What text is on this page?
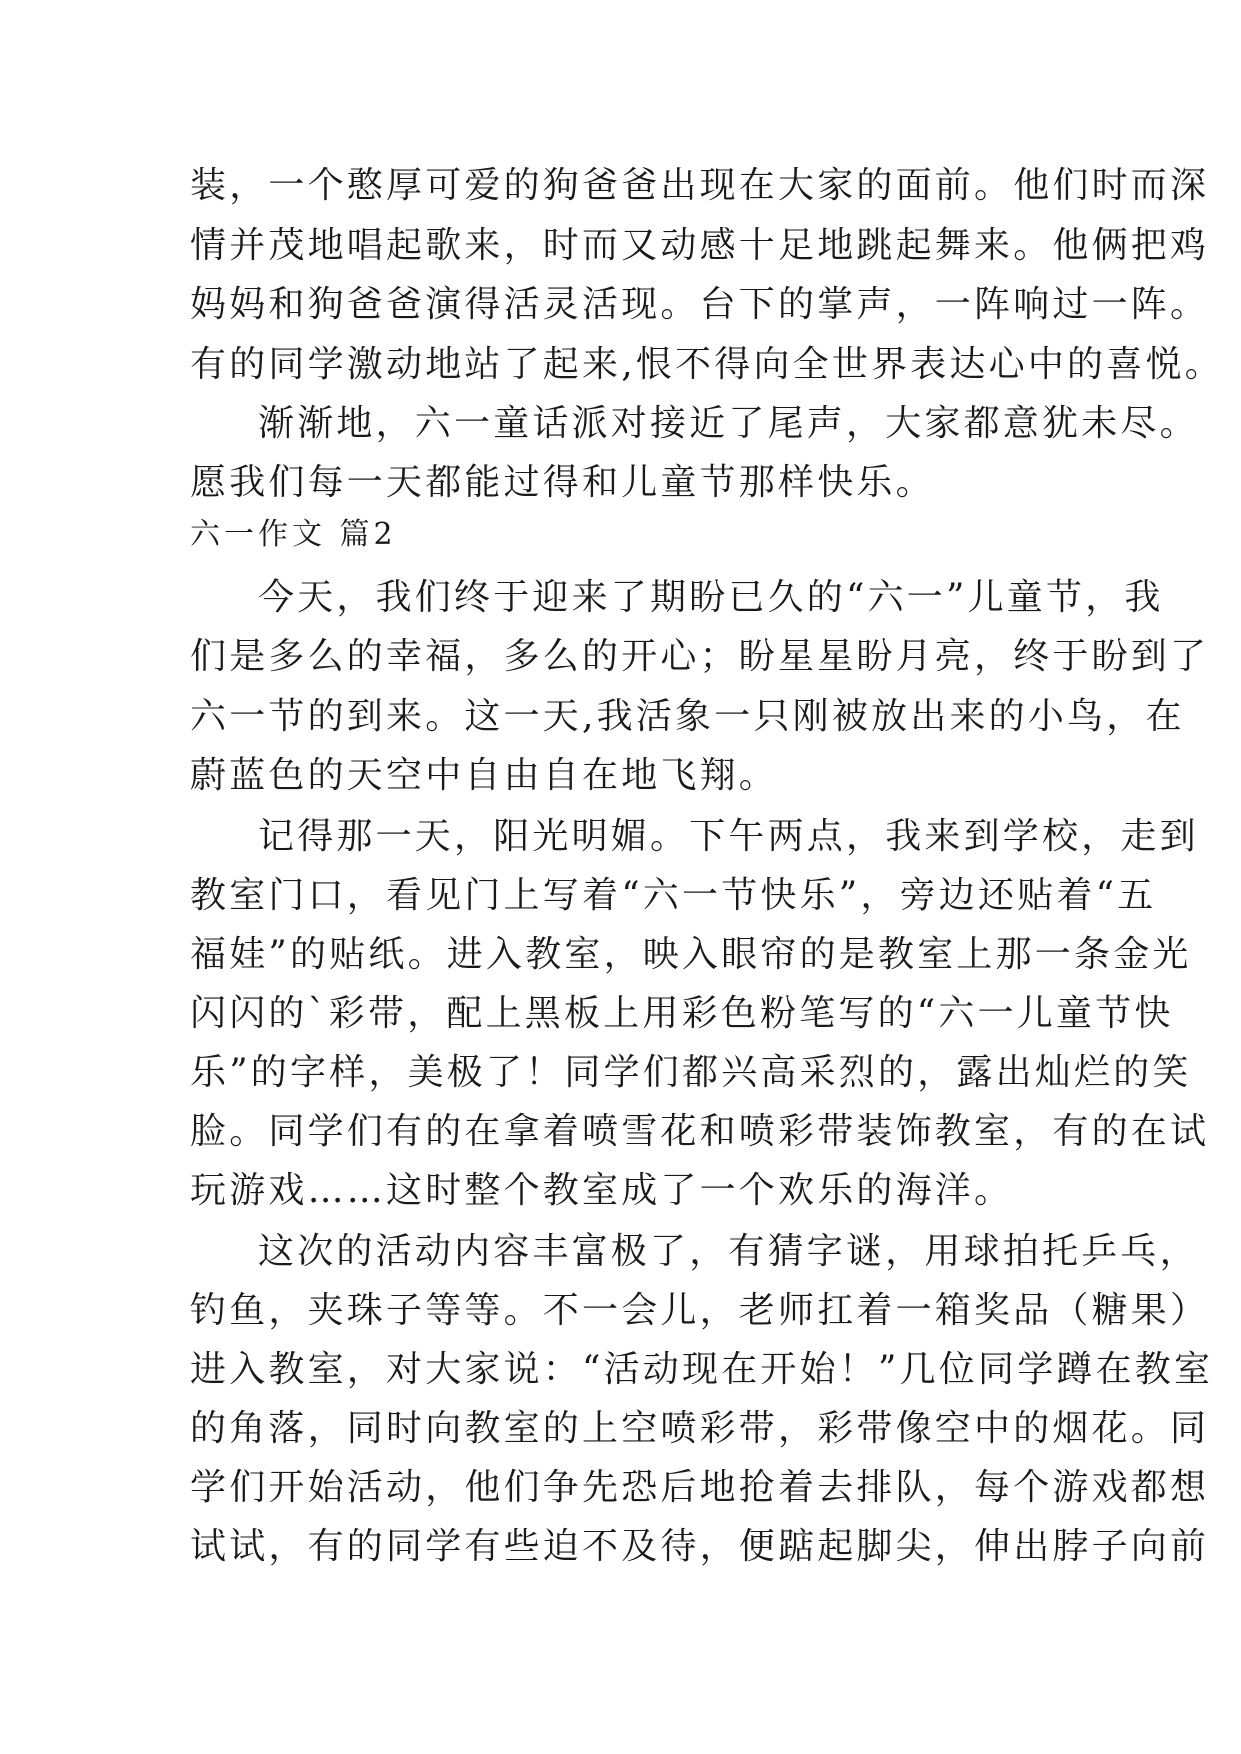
装，一个憨厚可爱的狗爸爸出现在大家的面前。他们时而深
情并茂地唱起歌来，时而又动感十足地跳起舞来。他俩把鸡
妈妈和狗爸爸演得活灵活现。台下的掌声，一阵响过一阵。
有的同学激动地站了起来,恨不得向全世界表达心中的喜悦。
渐渐地，六一童话派对接近了尾声，大家都意犹未尽。
愿我们每一天都能过得和儿童节那样快乐。
六一作文 篇2
今天，我们终于迎来了期盼已久的“六一”儿童节，我
们是多么的幸福，多么的开心；盼星星盼月亮，终于盼到了
六一节的到来。这一天,我活象一只刚被放出来的小鸟，在
蔚蓝色的天空中自由自在地飞翔。
记得那一天，阳光明媚。下午两点，我来到学校，走到
教室门口，看见门上写着“六一节快乐”，旁边还贴着“五
福娃”的贴纸。进入教室，映入眼帘的是教室上那一条金光
闪闪的`彩带，配上黑板上用彩色粉笔写的“六一儿童节快
乐”的字样，美极了！同学们都兴高采烈的，露出灿烂的笑
脸。同学们有的在拿着喷雪花和喷彩带装饰教室，有的在试
玩游戏……这时整个教室成了一个欢乐的海洋。
这次的活动内容丰富极了，有猜字谜，用球拍托乒乓，
钓鱼，夹珠子等等。不一会儿，老师扛着一箱奖品（糖果）
进入教室，对大家说：“活动现在开始！”几位同学蹲在教室
的角落，同时向教室的上空喷彩带，彩带像空中的烟花。同
学们开始活动，他们争先恐后地抢着去排队，每个游戏都想
试试，有的同学有些迫不及待，便踮起脚尖，伸出脖子向前
